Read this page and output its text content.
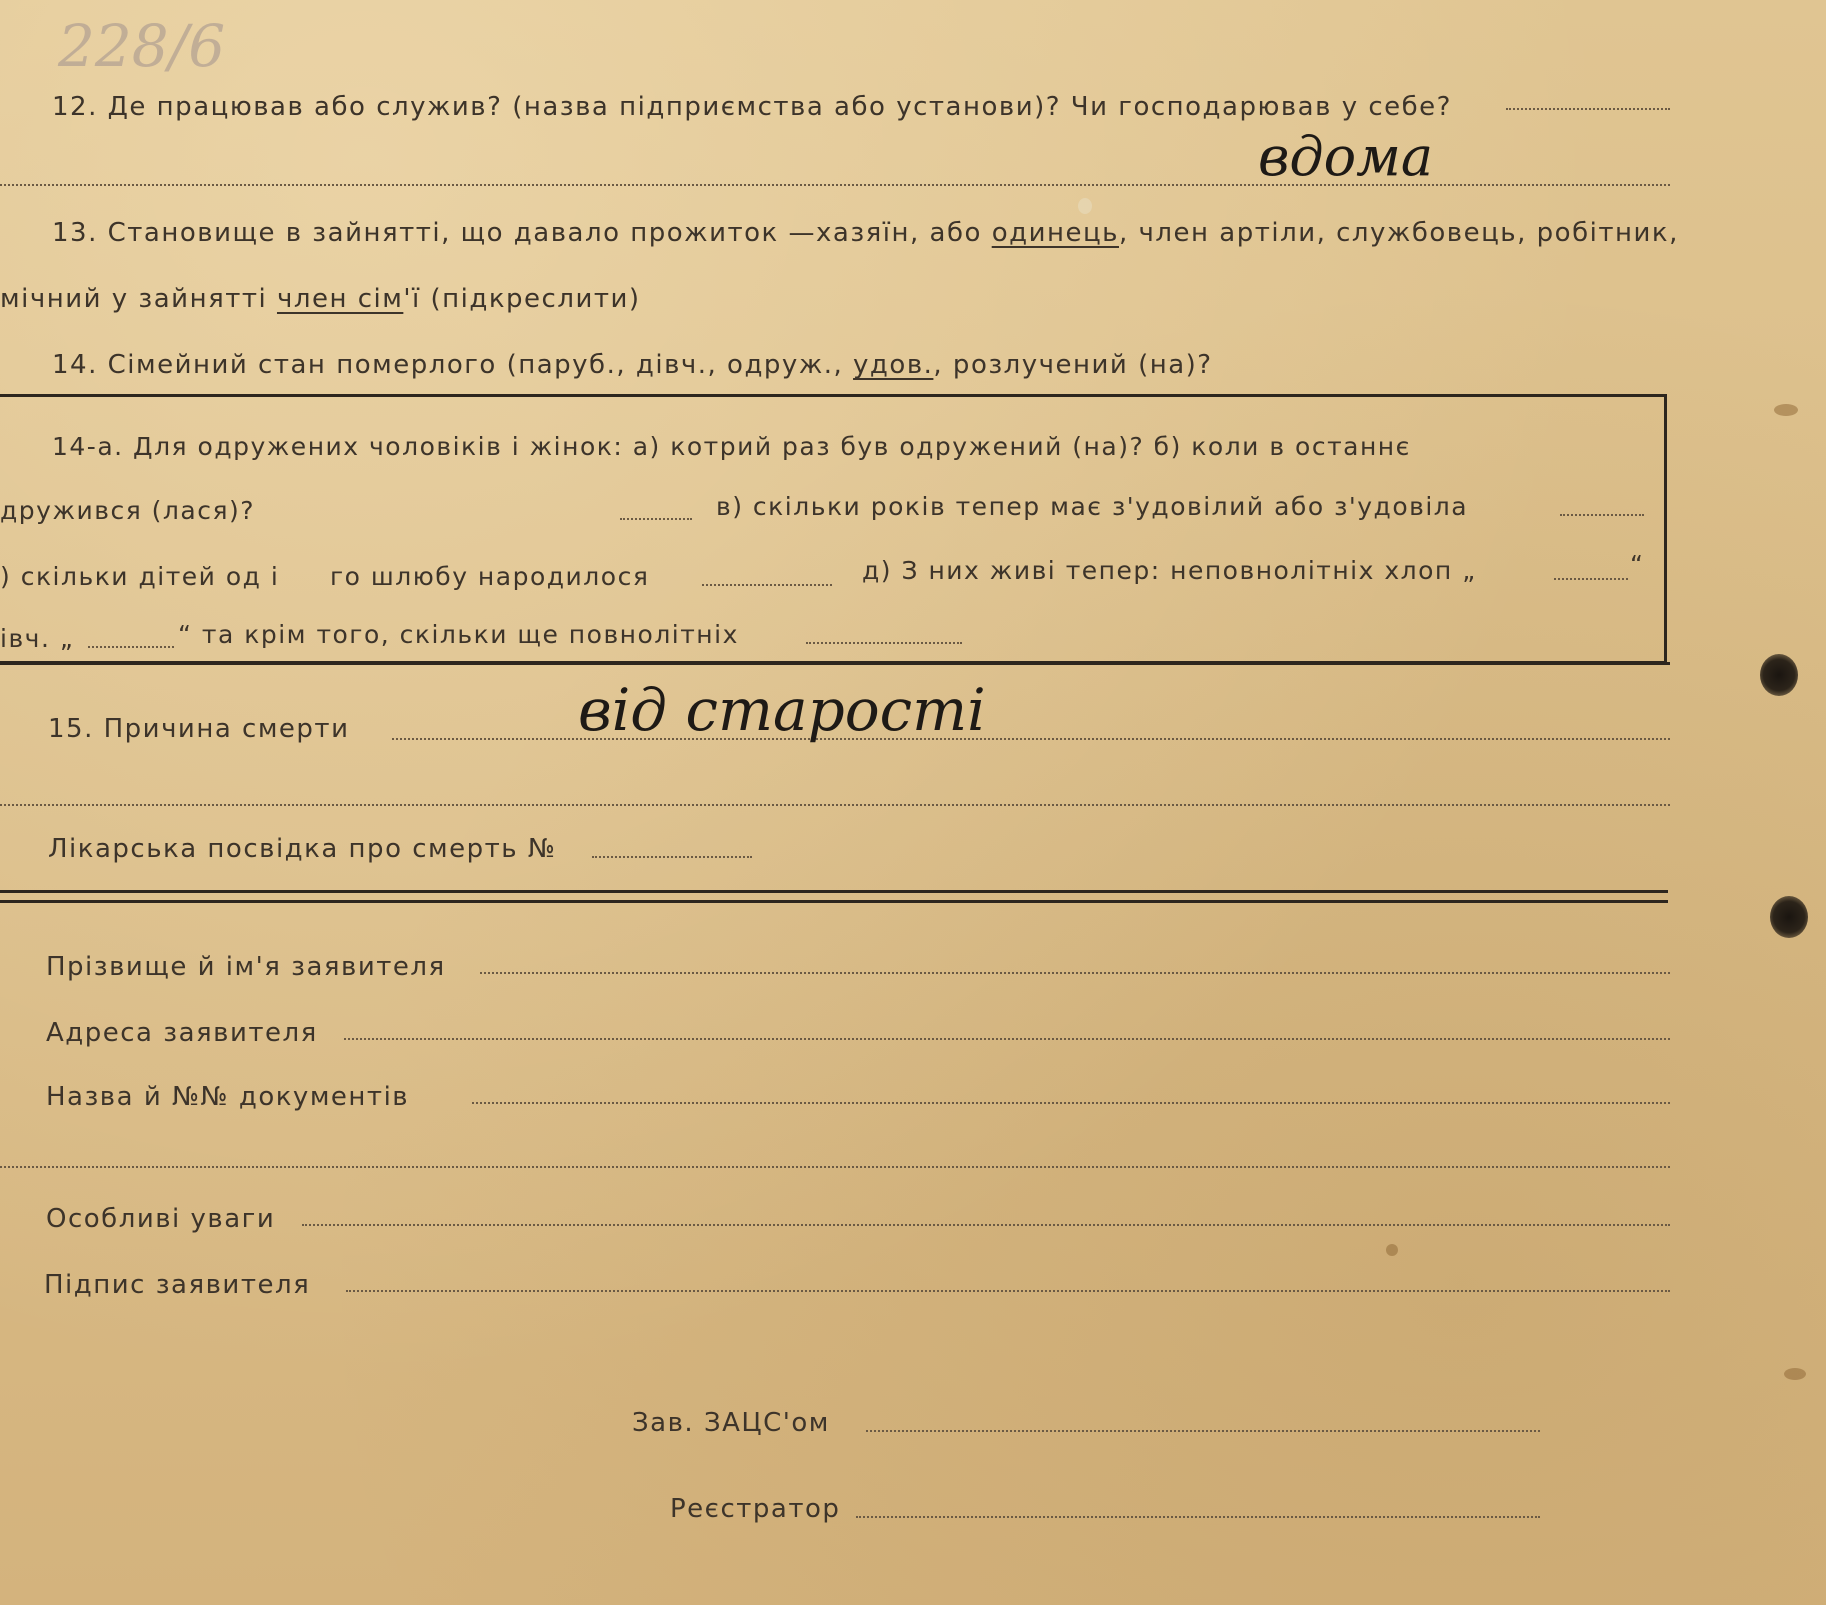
228/6
12. Де працював або служив? (назва підприємства або установи)? Чи господарював у себе?
вдома
13. Становище в зайнятті, що давало прожиток —хазяїн, або одинець, член артіли, службовець, робітник,
мічний у зайнятті член сім'ї (підкреслити)
14. Сімейний стан померлого (паруб., дівч., одруж., удов., розлучений (на)?
14-а. Для одружених чоловіків і жінок: а) котрий раз був одружений (на)? б) коли в останнє
дружився (лася)?	в) скільки років тепер має з'удовілий або з'удовіла
) скільки дітей од і го шлюбу народилося	д) З них живі тепер: неповнолітніх хлоп „	“
івч. „	“ та крім того, скільки ще повнолітніх
15. Причина смерти	від старості
Лікарська посвідка про смерть №
Прізвище й ім'я заявителя
Адреса заявителя
Назва й №№ документів
Особливі уваги
Підпис заявителя
Зав. ЗАЦС'ом
Реєстратор
